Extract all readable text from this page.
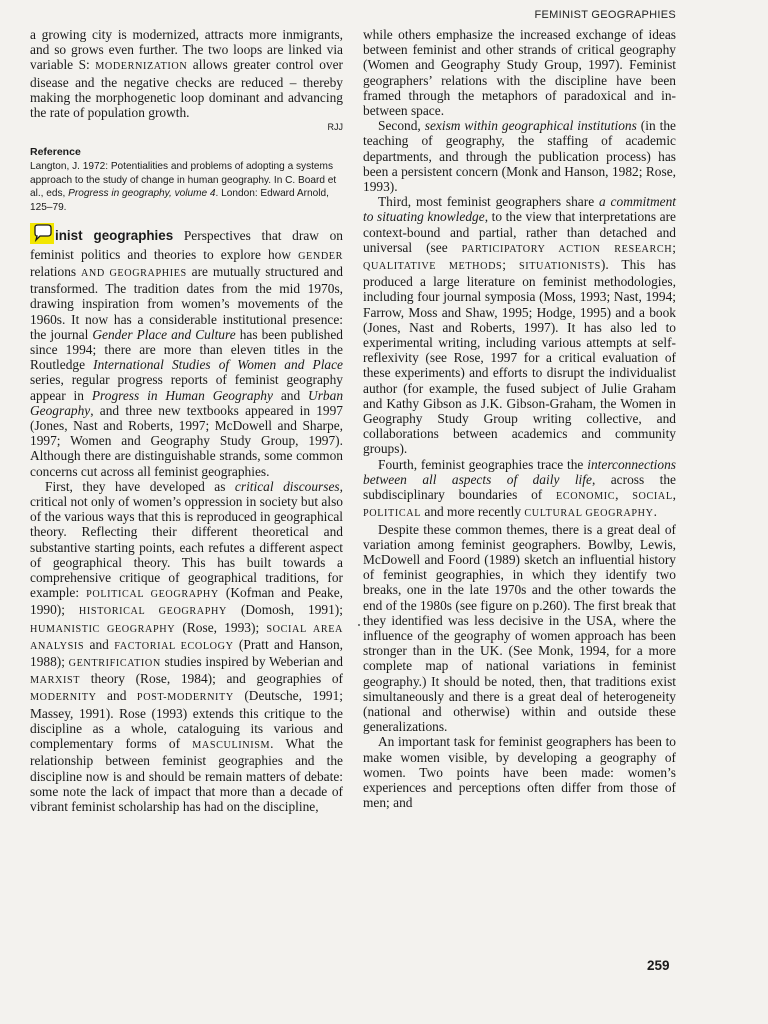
FEMINIST GEOGRAPHIES

a growing city is modernized, attracts more inmigrants, and so grows even further. The two loops are linked via variable S: MODERNIZATION allows greater control over disease and the negative checks are reduced – thereby making the morphogenetic loop dominant and advancing the rate of population growth.

RJJ
Reference

Langton, J. 1972: Potentialities and problems of adopting a systems approach to the study of change in human geography. In C. Board et al., eds, Progress in geography, volume 4. London: Edward Arnold, 125–79.

inist geographies Perspectives that draw on feminist politics and theories to explore how GENDER relations AND GEOGRAPHIES are mutually structured and transformed. The tradition dates from the mid 1970s, drawing inspiration from women’s movements of the 1960s. It now has a considerable institutional presence: the journal Gender Place and Culture has been published since 1994; there are more than eleven titles in the Routledge International Studies of Women and Place series, regular progress reports of feminist geography appear in Progress in Human Geography and Urban Geography, and three new textbooks appeared in 1997 (Jones, Nast and Roberts, 1997; McDowell and Sharpe, 1997; Women and Geography Study Group, 1997). Although there are distinguishable strands, some common concerns cut across all feminist geographies.

First, they have developed as critical discourses, critical not only of women’s oppression in society but also of the various ways that this is reproduced in geographical theory. Reflecting their different theoretical and substantive starting points, each refutes a different aspect of geographical theory. This has built towards a comprehensive critique of geographical traditions, for example: POLITICAL GEOGRAPHY (Kofman and Peake, 1990); HISTORICAL GEOGRAPHY (Domosh, 1991); HUMANISTIC GEOGRAPHY (Rose, 1993); SOCIAL AREA ANALYSIS and FACTORIAL ECOLOGY (Pratt and Hanson, 1988); GENTRIFICATION studies inspired by Weberian and MARXIST theory (Rose, 1984); and geographies of MODERNITY and POST-MODERNITY (Deutsche, 1991; Massey, 1991). Rose (1993) extends this critique to the discipline as a whole, cataloguing its various and complementary forms of MASCULINISM. What the relationship between feminist geographies and the discipline now is and should be remain matters of debate: some note the lack of impact that more than a decade of vibrant feminist scholarship has had on the discipline,

while others emphasize the increased exchange of ideas between feminist and other strands of critical geography (Women and Geography Study Group, 1997). Feminist geographers’ relations with the discipline have been framed through the metaphors of paradoxical and in-between space.

Second, sexism within geographical institutions (in the teaching of geography, the staffing of academic departments, and through the publication process) has been a persistent concern (Monk and Hanson, 1982; Rose, 1993).

Third, most feminist geographers share a commitment to situating knowledge, to the view that interpretations are context-bound and partial, rather than detached and universal (see PARTICIPATORY ACTION RESEARCH; QUALITATIVE METHODS; SITUATIONISTS). This has produced a large literature on feminist methodologies, including four journal symposia (Moss, 1993; Nast, 1994; Farrow, Moss and Shaw, 1995; Hodge, 1995) and a book (Jones, Nast and Roberts, 1997). It has also led to experimental writing, including various attempts at self-reflexivity (see Rose, 1997 for a critical evaluation of these experiments) and efforts to disrupt the individualist author (for example, the fused subject of Julie Graham and Kathy Gibson as J.K. Gibson-Graham, the Women in Geography Study Group writing collective, and collaborations between academics and community groups).

Fourth, feminist geographies trace the interconnections between all aspects of daily life, across the subdisciplinary boundaries of ECONOMIC, SOCIAL, POLITICAL and more recently CULTURAL GEOGRAPHY.

Despite these common themes, there is a great deal of variation among feminist geographers. Bowlby, Lewis, McDowell and Foord (1989) sketch an influential history of feminist geographies, in which they identify two breaks, one in the late 1970s and the other towards the end of the 1980s (see figure on p.260). The first break that they identified was less decisive in the USA, where the influence of the geography of women approach has been stronger than in the UK. (See Monk, 1994, for a more complete map of national variations in feminist geography.) It should be noted, then, that traditions exist simultaneously and there is a great deal of heterogeneity (national and otherwise) within and outside these generalizations.

An important task for feminist geographers has been to make women visible, by developing a geography of women. Two points have been made: women’s experiences and perceptions often differ from those of men; and

259
